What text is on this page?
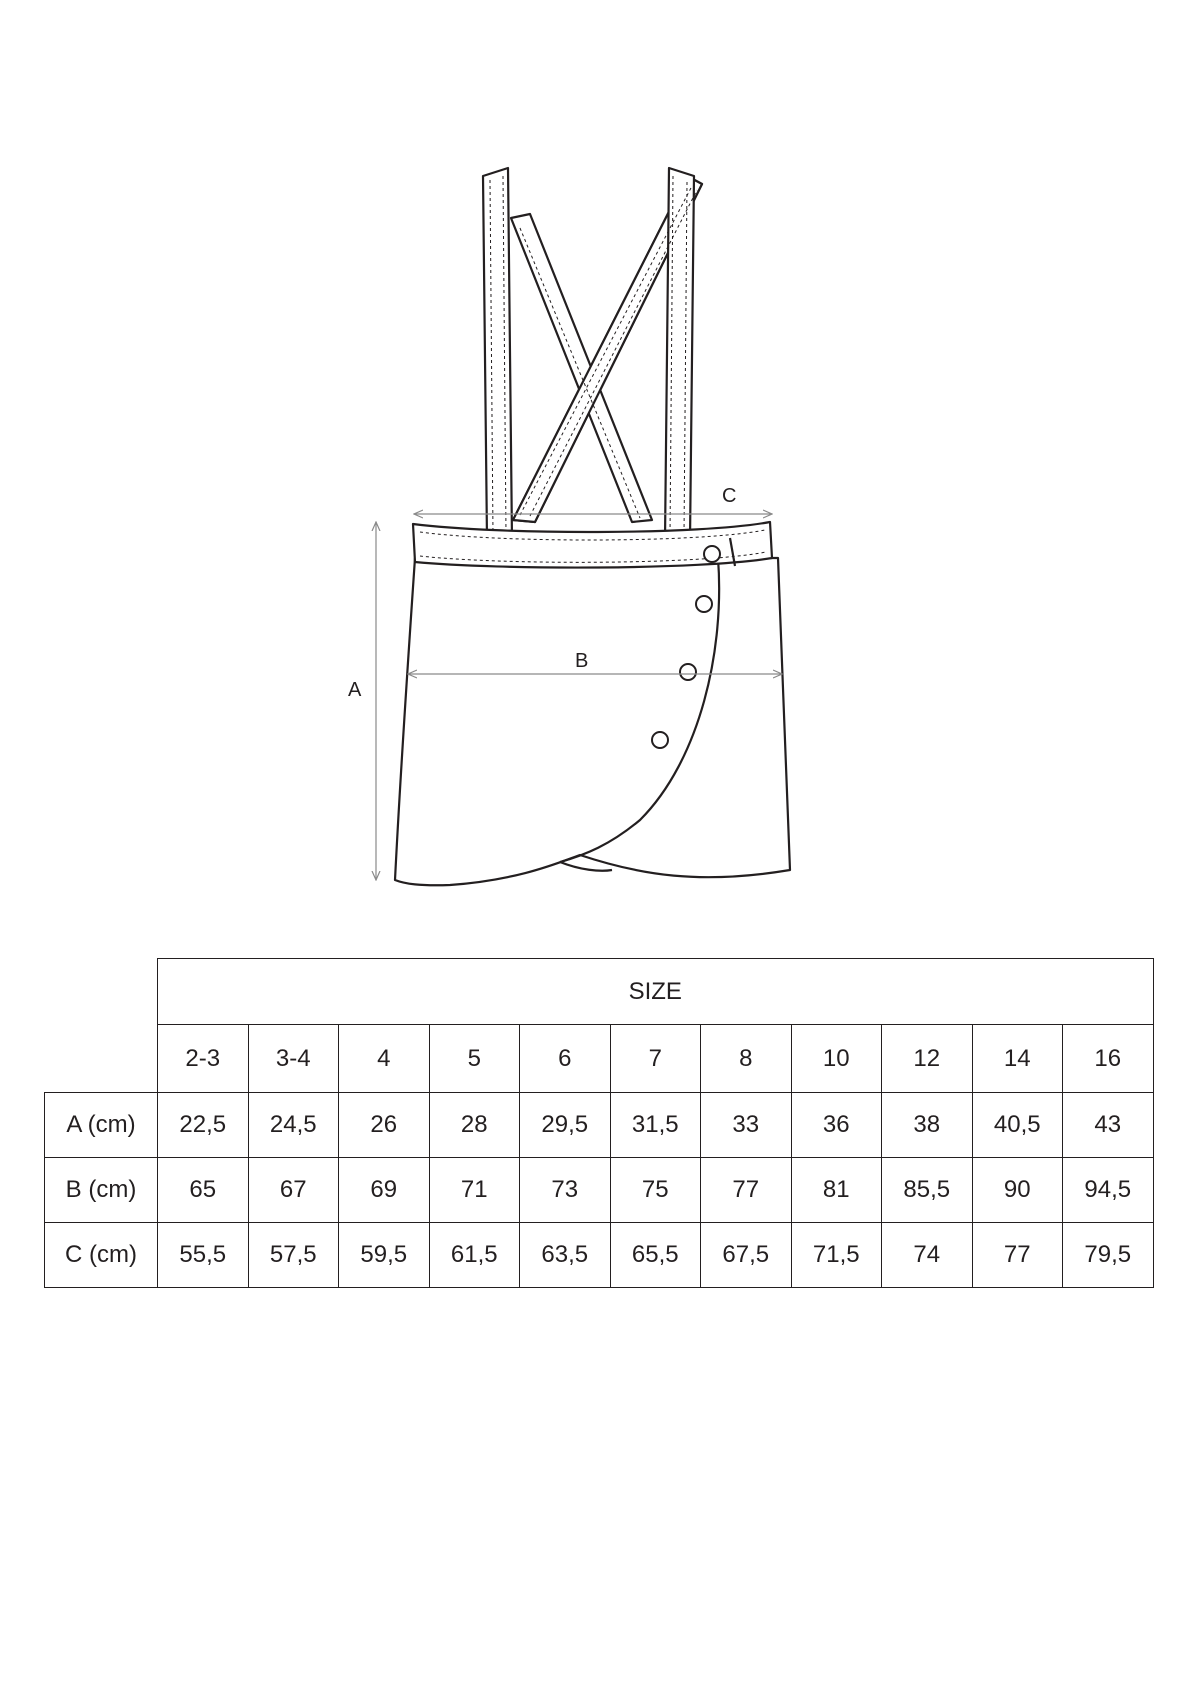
C
B
A
	SIZE										
	2-3	3-4	4	5	6	7	8	10	12	14	16
A (cm)	22,5	24,5	26	28	29,5	31,5	33	36	38	40,5	43
B (cm)	65	67	69	71	73	75	77	81	85,5	90	94,5
C (cm)	55,5	57,5	59,5	61,5	63,5	65,5	67,5	71,5	74	77	79,5
